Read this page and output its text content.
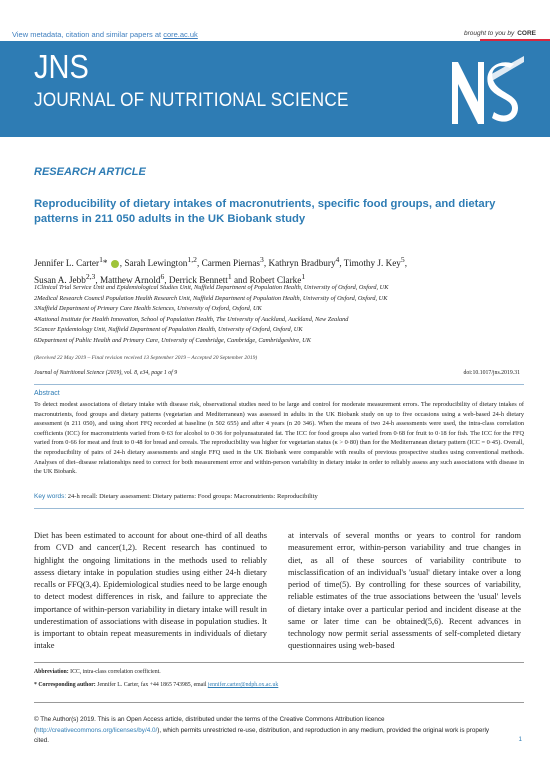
View metadata, citation and similar papers at core.ac.uk	brought to you by CORE
JNS
JOURNAL OF NUTRITIONAL SCIENCE
RESEARCH ARTICLE
Reproducibility of dietary intakes of macronutrients, specific food groups, and dietary patterns in 211 050 adults in the UK Biobank study
Jennifer L. Carter$^1$* , Sarah Lewington$^{1,2}$, Carmen Piernas$^3$, Kathryn Bradbury$^4$, Timothy J. Key$^5$,
Susan A. Jebb$^{2,3}$, Matthew Arnold$^6$, Derrick Bennett$^1$ and Robert Clarke$^1$
1Clinical Trial Service Unit and Epidemiological Studies Unit, Nuffield Department of Population Health, University of Oxford, Oxford, UK
2Medical Research Council Population Health Research Unit, Nuffield Department of Population Health, University of Oxford, Oxford, UK
3Nuffield Department of Primary Care Health Sciences, University of Oxford, Oxford, UK
4National Institute for Health Innovation, School of Population Health, The University of Auckland, Auckland, New Zealand
5Cancer Epidemiology Unit, Nuffield Department of Population Health, University of Oxford, Oxford, UK
6Department of Public Health and Primary Care, University of Cambridge, Cambridge, Cambridgeshire, UK
(Received 22 May 2019 – Final revision received 13 September 2019 – Accepted 20 September 2019)
Journal of Nutritional Science (2019), vol. 8, e34, page 1 of 9	doi:10.1017/jns.2019.31
Abstract
To detect modest associations of dietary intake with disease risk, observational studies need to be large and control for moderate measurement errors. The reproducibility of dietary intakes of macronutrients, food groups and dietary patterns (vegetarian and Mediterranean) was assessed in adults in the UK Biobank study on up to five occasions using a web-based 24-h dietary assessment (n 211 050), and using short FFQ recorded at baseline (n 502 655) and after 4 years (n 20 346). When the means of two 24-h assessments were used, the intra-class correlation coefficients (ICC) for macronutrients varied from 0·63 for alcohol to 0·36 for polyunsaturated fat. The ICC for food groups also varied from 0·68 for fruit to 0·18 for fish. The ICC for the FFQ varied from 0·66 for meat and fruit to 0·48 for bread and cereals. The reproducibility was higher for vegetarian status (κ > 0·80) than for the Mediterranean dietary pattern (ICC = 0·45). Overall, the reproducibility of pairs of 24-h dietary assessments and single FFQ used in the UK Biobank were comparable with results of previous prospective studies using conventional methods. Analyses of diet–disease relationships need to correct for both measurement error and within-person variability in dietary intake in order to reliably assess any such associations with disease in the UK Biobank.
Key words: 24-h recall: Dietary assessment: Dietary patterns: Food groups: Macronutrients: Reproducibility
Diet has been estimated to account for about one-third of all deaths from CVD and cancer(1,2). Recent research has continued to highlight the ongoing limitations in the methods used to reliably assess dietary intake in population studies using either 24-h dietary recalls or FFQ(3,4). Epidemiological studies need to be large enough to detect modest differences in risk, and failure to appreciate the importance of within-person variability in dietary intake will result in underestimation of associations with disease in population studies. It is important to obtain repeat measurements in individuals of dietary intake
at intervals of several months or years to control for random measurement error, within-person variability and true changes in diet, as all of these sources of variability contribute to misclassification of an individual's 'usual' dietary intake over a long period of time(5). By controlling for these sources of variability, reliable estimates of the true associations between the 'usual' levels of dietary intake over a particular period and incident disease at the same or later time can be obtained(5,6). Recent advances in technology now permit serial assessments of self-completed dietary questionnaires using web-based
Abbreviation: ICC, intra-class correlation coefficient.
* Corresponding author: Jennifer L. Carter, fax +44 1865 743985, email jennifer.carter@ndph.ox.ac.uk
© The Author(s) 2019. This is an Open Access article, distributed under the terms of the Creative Commons Attribution licence (http://creativecommons.org/licenses/by/4.0/), which permits unrestricted re-use, distribution, and reproduction in any medium, provided the original work is properly cited.	1
